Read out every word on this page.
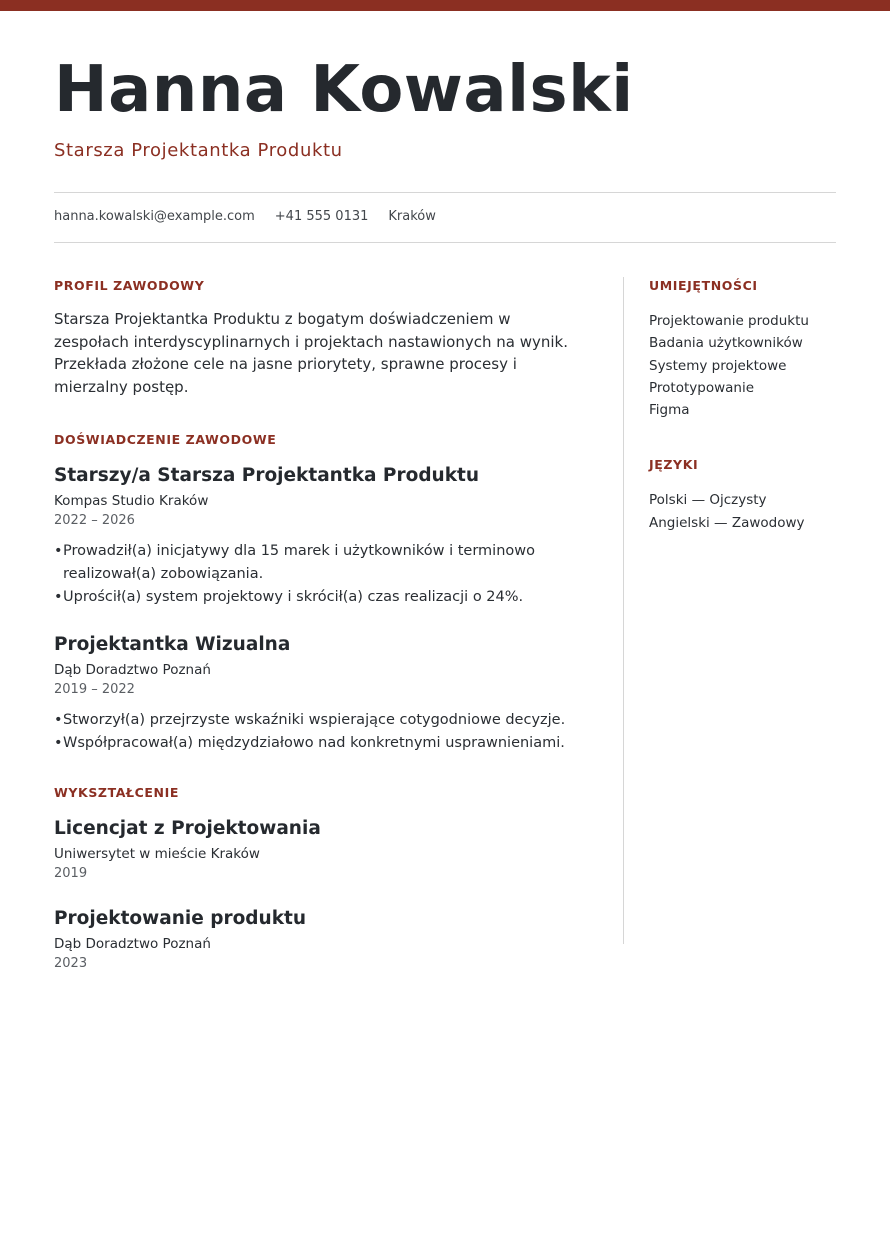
Hanna Kowalski
Starsza Projektantka Produktu
hanna.kowalski@example.com +41 555 0131 Kraków
PROFIL ZAWODOWY

Starsza Projektantka Produktu z bogatym doświadczeniem w zespołach interdyscyplinarnych i projektach nastawionych na wynik. Przekłada złożone cele na jasne priorytety, sprawne procesy i mierzalny postęp.

DOŚWIADCZENIE ZAWODOWE
Starszy/a Starsza Projektantka Produktu
Kompas Studio Kraków
2022 – 2026
•Prowadził(a) inicjatywy dla 15 marek i użytkowników i terminowo realizował(a) zobowiązania.
•Uprościł(a) system projektowy i skrócił(a) czas realizacji o 24%.
Projektantka Wizualna
Dąb Doradztwo Poznań
2019 – 2022
•Stworzył(a) przejrzyste wskaźniki wspierające cotygodniowe decyzje.
•Współpracował(a) międzydziałowo nad konkretnymi usprawnieniami.
WYKSZTAŁCENIE
Licencjat z Projektowania
Uniwersytet w mieście Kraków
2019
Projektowanie produktu
Dąb Doradztwo Poznań
2023
UMIEJĘTNOŚCI
Projektowanie produktu
Badania użytkowników
Systemy projektowe
Prototypowanie
Figma
JĘZYKI
Polski — Ojczysty
Angielski — Zawodowy
